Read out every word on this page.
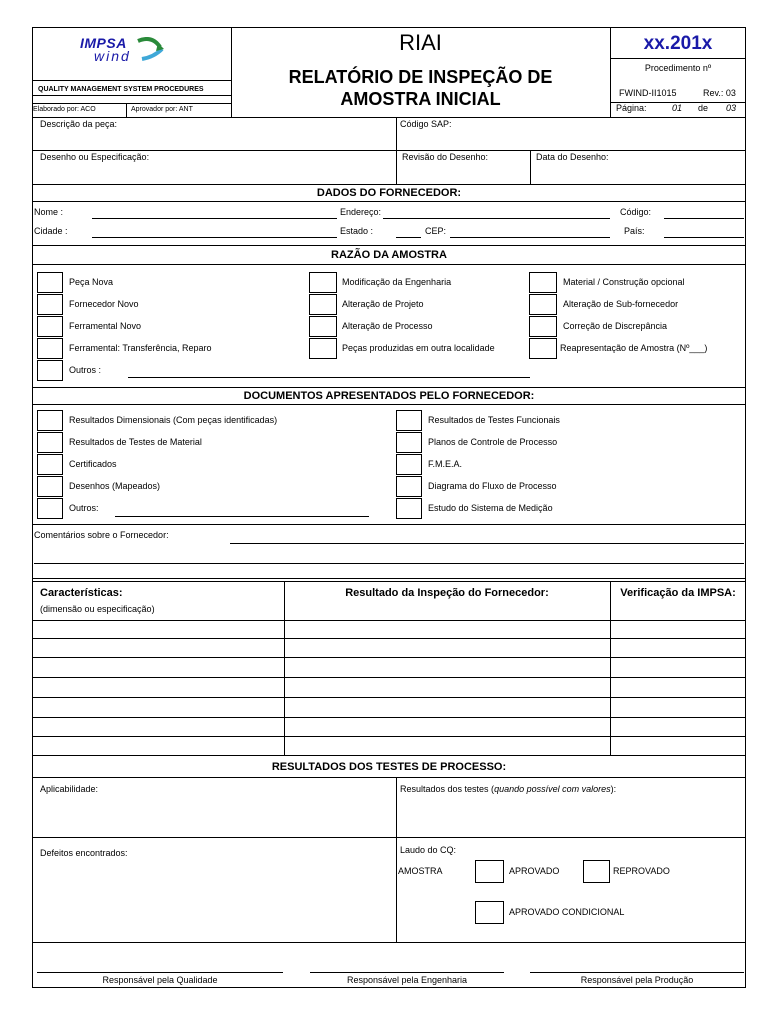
IMPSA
wind
QUALITY MANAGEMENT SYSTEM PROCEDURES
Elaborado por: ACO	Aprovador por: ANT
RIAI
RELATÓRIO DE INSPEÇÃO DE
AMOSTRA INICIAL
xx.201x
Procedimento nº
FWIND-II1015	Rev.: 03
Página:	01 de 03
Descrição da peça:	Código SAP:
Desenho ou Especificação:	Revisão do Desenho:	Data do Desenho:
DADOS DO FORNECEDOR:
Nome :	Endereço:	Código:
Cidade :	Estado :	CEP:	País:
RAZÃO DA AMOSTRA
Peça Nova
Fornecedor Novo
Ferramental Novo
Ferramental: Transferência, Reparo
Outros :
Modificação da Engenharia
Alteração de Projeto
Alteração de Processo
Peças produzidas em outra localidade
Material / Construção opcional
Alteração de Sub-fornecedor
Correção de Discrepância
Reapresentação de Amostra (Nº___)
DOCUMENTOS APRESENTADOS PELO FORNECEDOR:
Resultados Dimensionais (Com peças identificadas)
Resultados de Testes de Material
Certificados
Desenhos (Mapeados)
Outros:
Resultados de Testes Funcionais
Planos de Controle de Processo
F.M.E.A.
Diagrama do Fluxo de Processo
Estudo do Sistema de Medição
Comentários sobre o Fornecedor:
Características:
(dimensão ou especificação)
Resultado da Inspeção do Fornecedor:	Verificação da IMPSA:
RESULTADOS DOS TESTES DE PROCESSO:
Aplicabilidade:	Resultados dos testes (quando possível com valores):
Defeitos encontrados:	Laudo do CQ:
AMOSTRA	APROVADO	REPROVADO
APROVADO CONDICIONAL
Responsável pela Qualidade	Responsável pela Engenharia	Responsável pela Produção
